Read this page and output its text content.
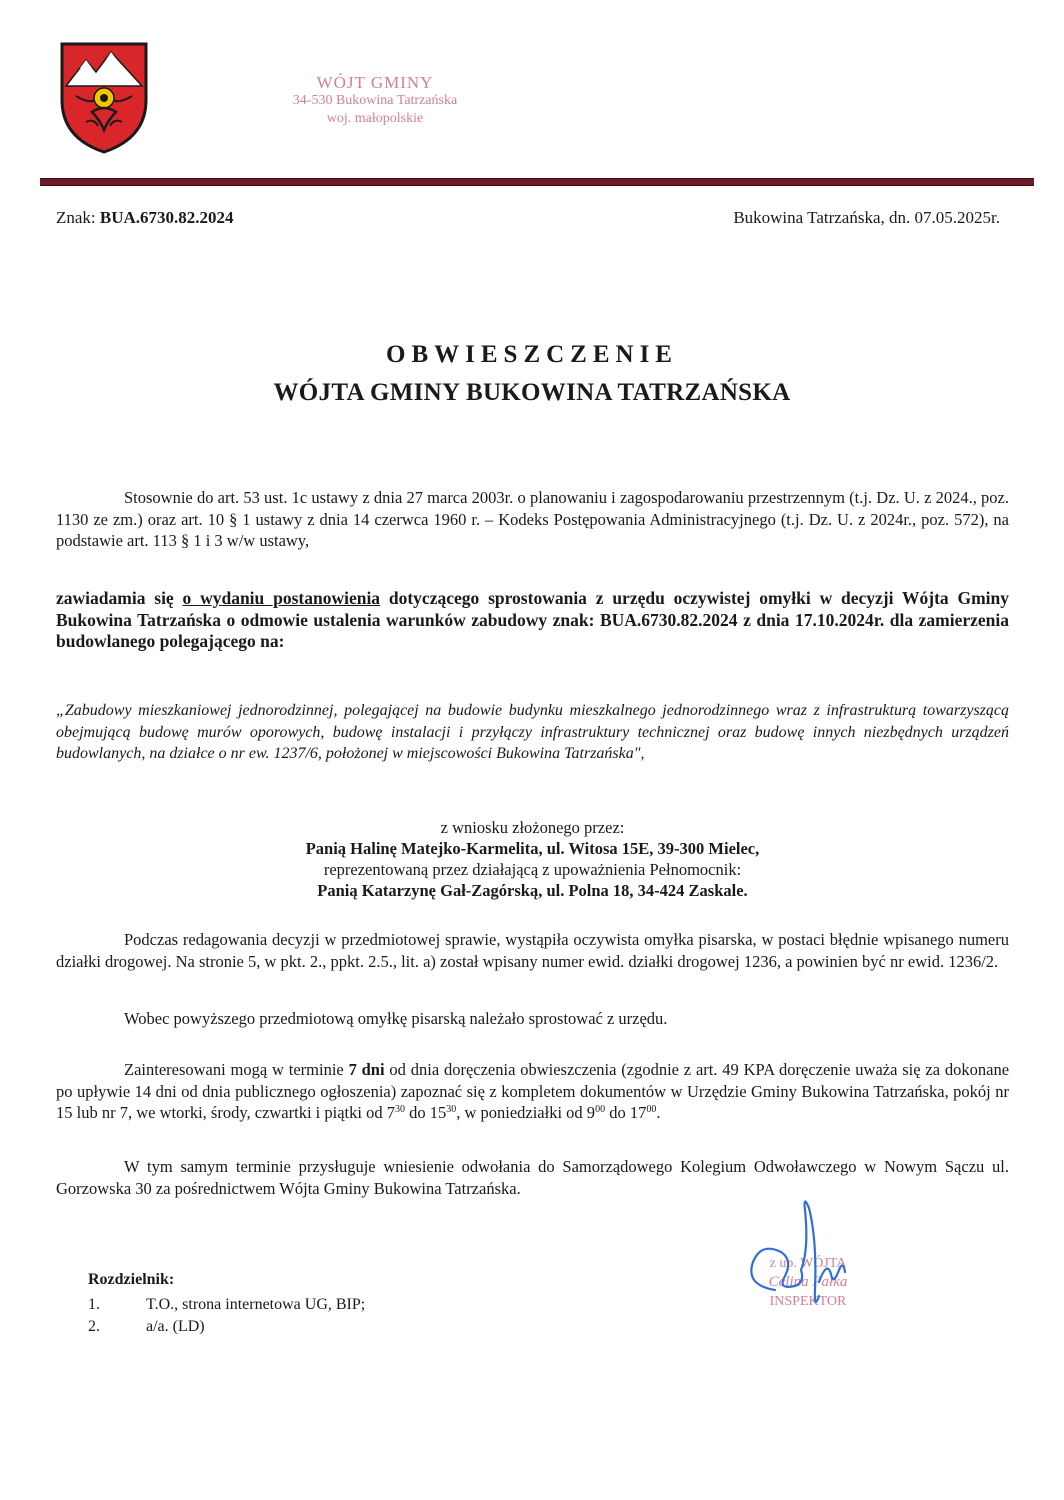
WÓJT GMINY
34-530 Bukowina Tatrzańska
woj. małopolskie
Znak: BUA.6730.82.2024	Bukowina Tatrzańska, dn. 07.05.2025r.
OBWIESZCZENIE
WÓJTA GMINY BUKOWINA TATRZAŃSKA
Stosownie do art. 53 ust. 1c ustawy z dnia 27 marca 2003r. o planowaniu i zagospodarowaniu przestrzennym (t.j. Dz. U. z 2024., poz. 1130 ze zm.) oraz art. 10 § 1 ustawy z dnia 14 czerwca 1960 r. – Kodeks Postępowania Administracyjnego (t.j. Dz. U. z 2024r., poz. 572), na podstawie art. 113 § 1 i 3 w/w ustawy,
zawiadamia się o wydaniu postanowienia dotyczącego sprostowania z urzędu oczywistej omyłki w decyzji Wójta Gminy Bukowina Tatrzańska o odmowie ustalenia warunków zabudowy znak: BUA.6730.82.2024 z dnia 17.10.2024r. dla zamierzenia budowlanego polegającego na:
„Zabudowy mieszkaniowej jednorodzinnej, polegającej na budowie budynku mieszkalnego jednorodzinnego wraz z infrastrukturą towarzyszącą obejmującą budowę murów oporowych, budowę instalacji i przyłączy infrastruktury technicznej oraz budowę innych niezbędnych urządzeń budowlanych, na działce o nr ew. 1237/6, położonej w miejscowości Bukowina Tatrzańska",
z wniosku złożonego przez:
Panią Halinę Matejko-Karmelita, ul. Witosa 15E, 39-300 Mielec,
reprezentowaną przez działającą z upoważnienia Pełnomocnik:
Panią Katarzynę Gał-Zagórską, ul. Polna 18, 34-424 Zaskale.
Podczas redagowania decyzji w przedmiotowej sprawie, wystąpiła oczywista omyłka pisarska, w postaci błędnie wpisanego numeru działki drogowej. Na stronie 5, w pkt. 2., ppkt. 2.5., lit. a) został wpisany numer ewid. działki drogowej 1236, a powinien być nr ewid. 1236/2.
Wobec powyższego przedmiotową omyłkę pisarską należało sprostować z urzędu.
Zainteresowani mogą w terminie 7 dni od dnia doręczenia obwieszczenia (zgodnie z art. 49 KPA doręczenie uważa się za dokonane po upływie 14 dni od dnia publicznego ogłoszenia) zapoznać się z kompletem dokumentów w Urzędzie Gminy Bukowina Tatrzańska, pokój nr 15 lub nr 7, we wtorki, środy, czwartki i piątki od $7^{30}$ do $15^{30}$, w poniedziałki od $9^{00}$ do $17^{00}$.
W tym samym terminie przysługuje wniesienie odwołania do Samorządowego Kolegium Odwoławczego w Nowym Sączu ul. Gorzowska 30 za pośrednictwem Wójta Gminy Bukowina Tatrzańska.
z up. WÓJTA
Celina Pałka
INSPEKTOR
Rozdzielnik:
1.	T.O., strona internetowa UG, BIP;
2.	a/a. (LD)
